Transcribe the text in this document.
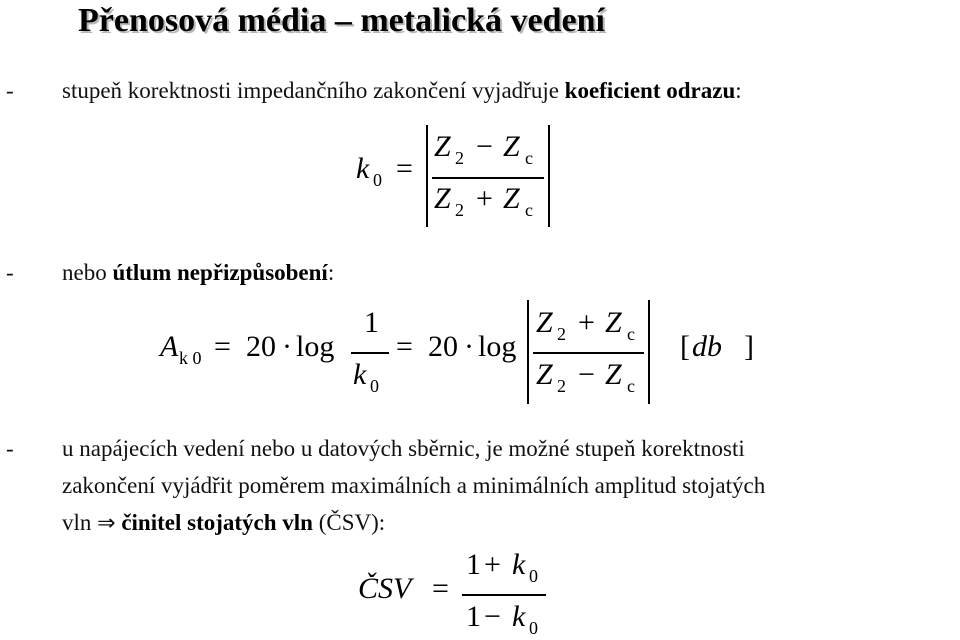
Přenosová média – metalická vedení
- stupeň korektnosti impedančního zakončení vyjadřuje koeficient odrazu:
k 0 =
Z 2 − Z c
Z 2 + Z c
- nebo útlum nepřizpůsobení:
A k 0 = 20 · log
1
k 0
= 20 · log
Z 2 + Z c
Z 2 − Z c
[ db ]
- u napájecích vedení nebo u datových sběrnic, je možné stupeň korektnosti
zakončení vyjádřit poměrem maximálních a minimálních amplitud stojatých
vln ⇒ činitel stojatých vln (ČSV):
ČSV =
1 + k 0
1 − k 0
